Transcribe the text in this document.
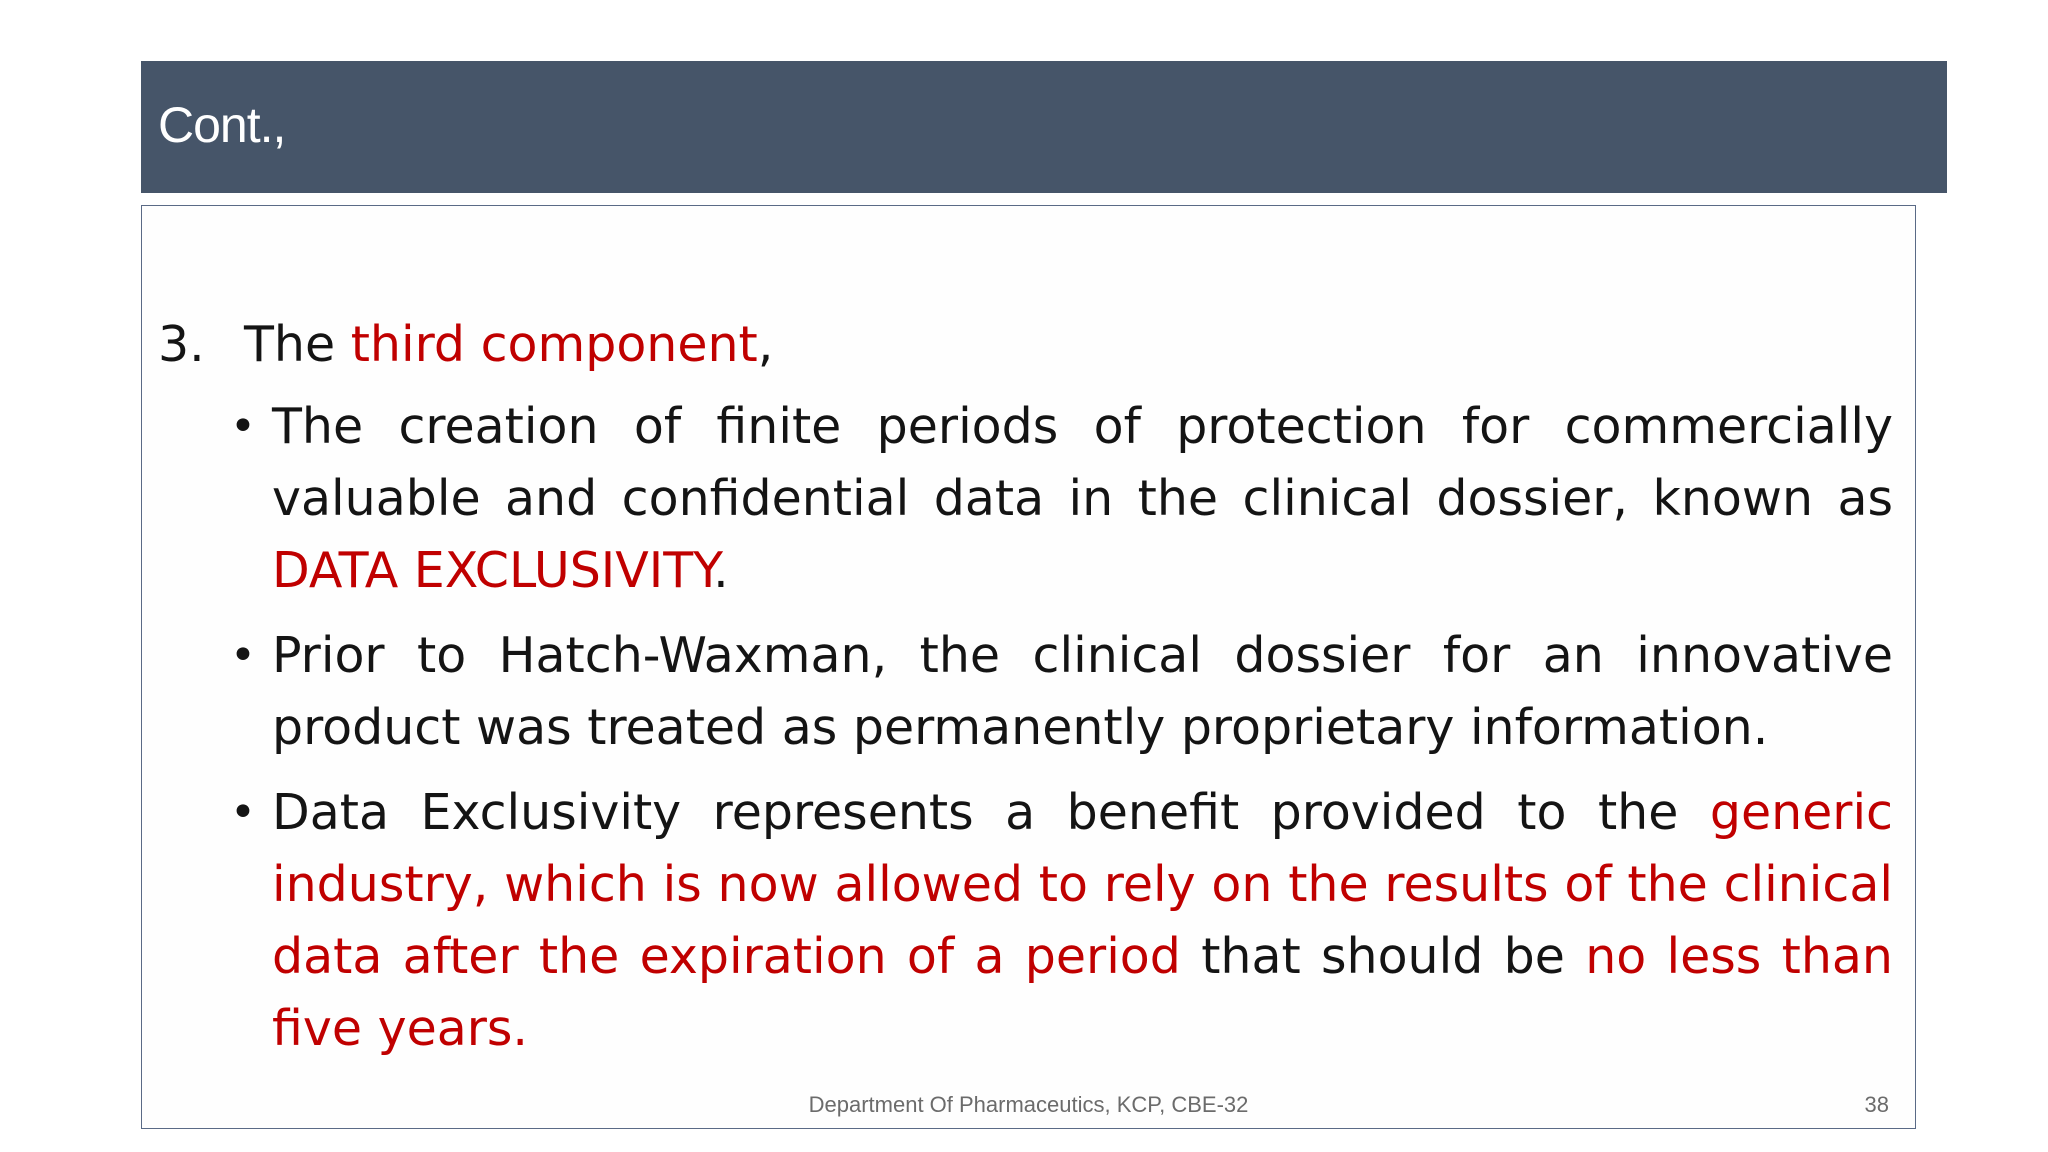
Cont.,
3. The third component,
• The creation of finite periods of protection for commercially valuable and confidential data in the clinical dossier, known as DATA EXCLUSIVITY.
• Prior to Hatch-Waxman, the clinical dossier for an innovative product was treated as permanently proprietary information.
• Data Exclusivity represents a benefit provided to the generic industry, which is now allowed to rely on the results of the clinical data after the expiration of a period that should be no less than five years.
Department Of Pharmaceutics, KCP, CBE-32	38
